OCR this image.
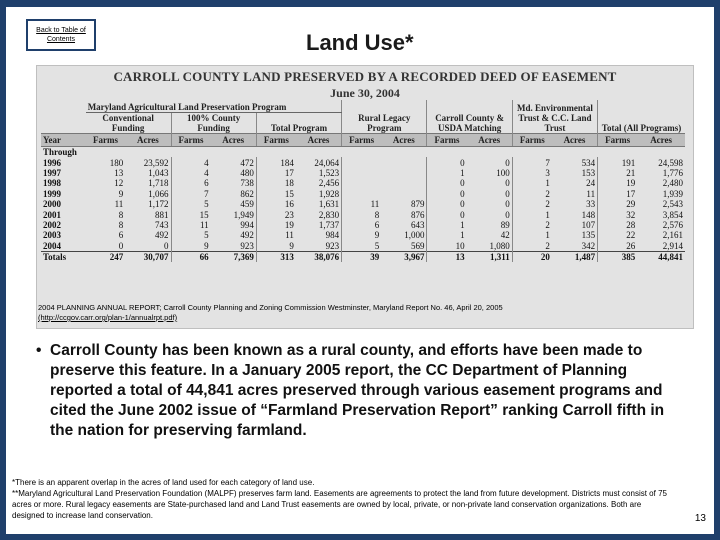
Back to Table of Contents	Land Use*
CARROLL COUNTY LAND PRESERVED BY A RECORDED DEED OF EASEMENT
June 30, 2004
	Maryland Agricultural Land Preservation Program						Rural Legacy Program		Carroll County & USDA Matching		Md. Environmental Trust & C.C. Land Trust		Total (All Programs)	
	Conventional Funding		100% County Funding		Total Program									
Year	Farms	Acres	Farms	Acres	Farms	Acres	Farms	Acres	Farms	Acres	Farms	Acres	Farms	Acres
Through														
1996	180	23,592	4	472	184	24,064			0	0	7	534	191	24,598
1997	13	1,043	4	480	17	1,523			1	100	3	153	21	1,776
1998	12	1,718	6	738	18	2,456			0	0	1	24	19	2,480
1999	9	1,066	7	862	15	1,928			0	0	2	11	17	1,939
2000	11	1,172	5	459	16	1,631	11	879	0	0	2	33	29	2,543
2001	8	881	15	1,949	23	2,830	8	876	0	0	1	148	32	3,854
2002	8	743	11	994	19	1,737	6	643	1	89	2	107	28	2,576
2003	6	492	5	492	11	984	9	1,000	1	42	1	135	22	2,161
2004	0	0	9	923	9	923	5	569	10	1,080	2	342	26	2,914
Totals	247	30,707	66	7,369	313	38,076	39	3,967	13	1,311	20	1,487	385	44,841
2004 PLANNING ANNUAL REPORT; Carroll County Planning and Zoning Commission Westminster, Maryland Report No. 46, April 20, 2005
(http://ccgov.carr.org/plan-1/annualrpt.pdf)
• Carroll County has been known as a rural county, and efforts have been made to preserve this feature. In a January 2005 report, the CC Department of Planning reported a total of 44,841 acres preserved through various easement programs and cited the June 2002 issue of “Farmland Preservation Report” ranking Carroll fifth in the nation for preserving farmland.
*There is an apparent overlap in the acres of land used for each category of land use.
**Maryland Agricultural Land Preservation Foundation (MALPF) preserves farm land. Easements are agreements to protect the land from future development. Districts must consist of 75 acres or more. Rural legacy easements are State-purchased land and Land Trust easements are owned by local, private, or non-private land conservation organizations. Both are designed to increase land conservation.	13
